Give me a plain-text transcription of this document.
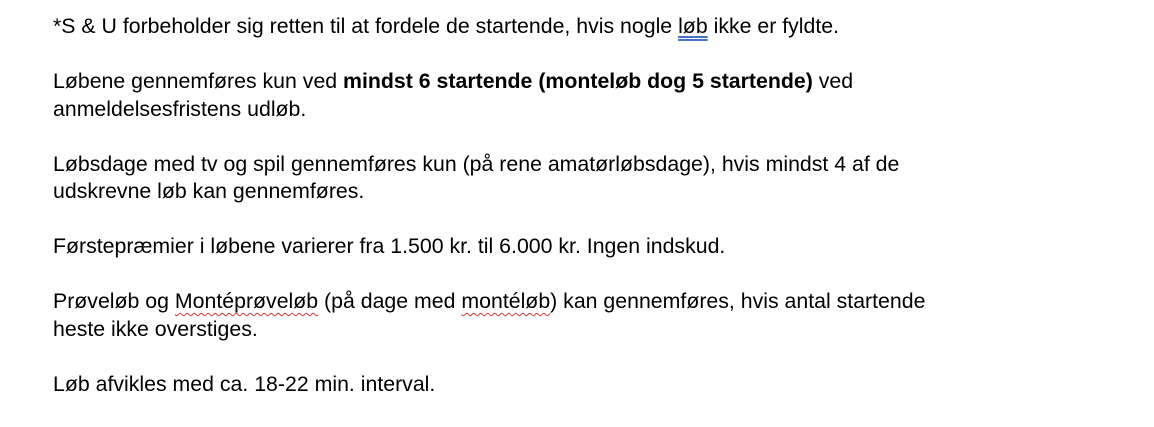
*S & U forbeholder sig retten til at fordele de startende, hvis nogle løb ikke er fyldte.
Løbene gennemføres kun ved mindst 6 startende (monteløb dog 5 startende) ved
anmeldelsesfristens udløb.
Løbsdage med tv og spil gennemføres kun (på rene amatørløbsdage), hvis mindst 4 af de
udskrevne løb kan gennemføres.
Førstepræmier i løbene varierer fra 1.500 kr. til 6.000 kr. Ingen indskud.
Prøveløb og Montéprøveløb (på dage med montéløb) kan gennemføres, hvis antal startende
heste ikke overstiges.
Løb afvikles med ca. 18-22 min. interval.
